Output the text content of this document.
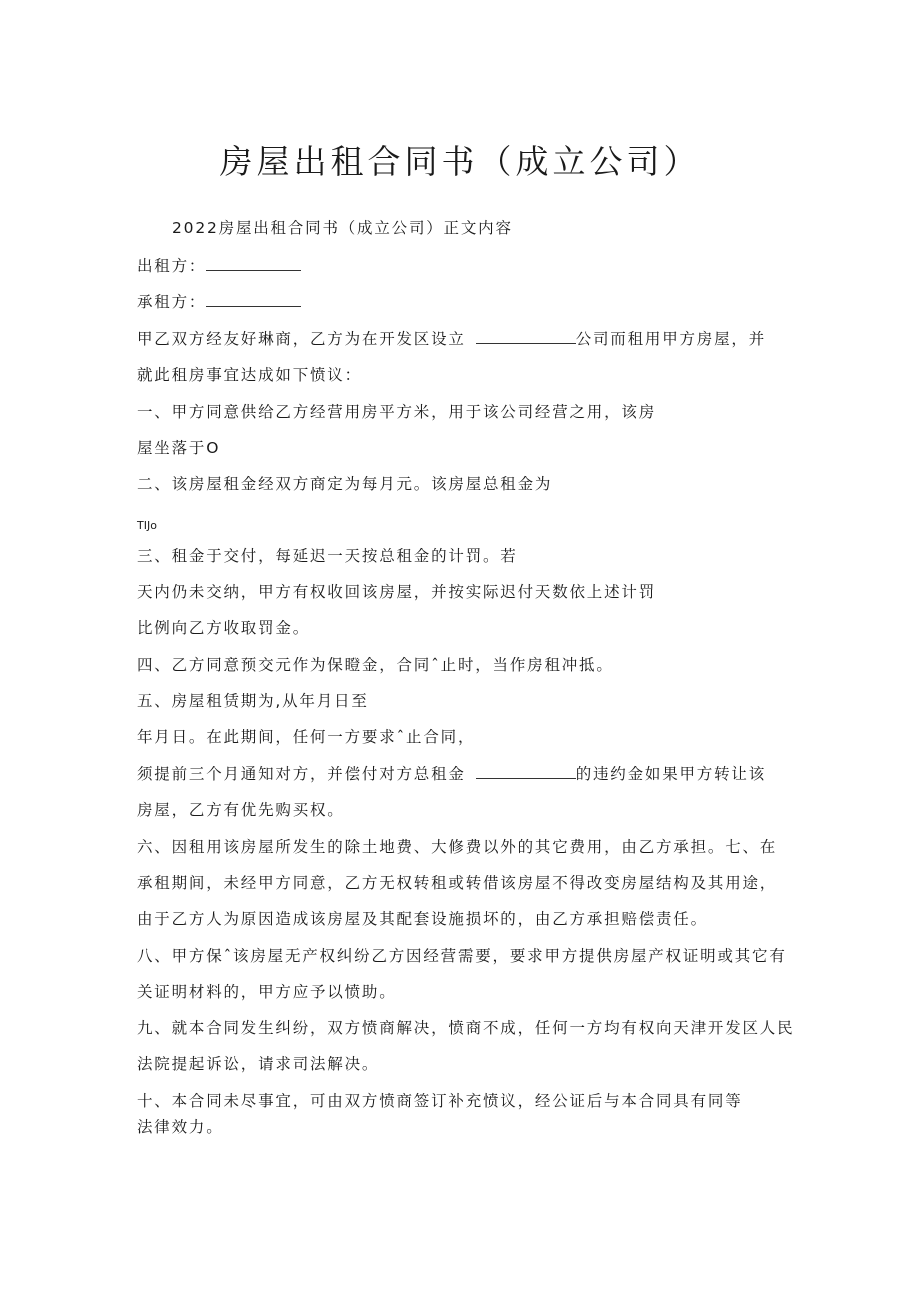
房屋出租合同书（成立公司）
2022房屋出租合同书（成立公司）正文内容
出租方：
承租方：
甲乙双方经友好琳商，乙方为在开发区设立	公司而租用甲方房屋，并
就此租房事宜达成如下愤议：
一、甲方同意供给乙方经营用房平方米，用于该公司经营之用，该房
屋坐落于O
二、该房屋租金经双方商定为每月元。该房屋总租金为
TIJo
三、租金于交付，每延迟一天按总租金的计罚。若
天内仍未交纳，甲方有权收回该房屋，并按实际迟付天数依上述计罚
比例向乙方收取罚金。
四、乙方同意预交元作为保瞪金，合同ˆ止时，当作房租冲抵。
五、房屋租赁期为,从年月日至
年月日。在此期间，任何一方要求ˆ止合同，
须提前三个月通知对方，并偿付对方总租金	的违约金如果甲方转让该
房屋，乙方有优先购买权。
六、因租用该房屋所发生的除土地费、大修费以外的其它费用，由乙方承担。七、在
承租期间，未经甲方同意，乙方无权转租或转借该房屋不得改变房屋结构及其用途，
由于乙方人为原因造成该房屋及其配套设施损坏的，由乙方承担赔偿责任。
八、甲方保ˆ该房屋无产权纠纷乙方因经营需要，要求甲方提供房屋产权证明或其它有
关证明材料的，甲方应予以愤助。
九、就本合同发生纠纷，双方愤商解决，愤商不成，任何一方均有权向天津开发区人民
法院提起诉讼，请求司法解决。
十、本合同未尽事宜，可由双方愤商签订补充愤议，经公证后与本合同具有同等
法律效力。
